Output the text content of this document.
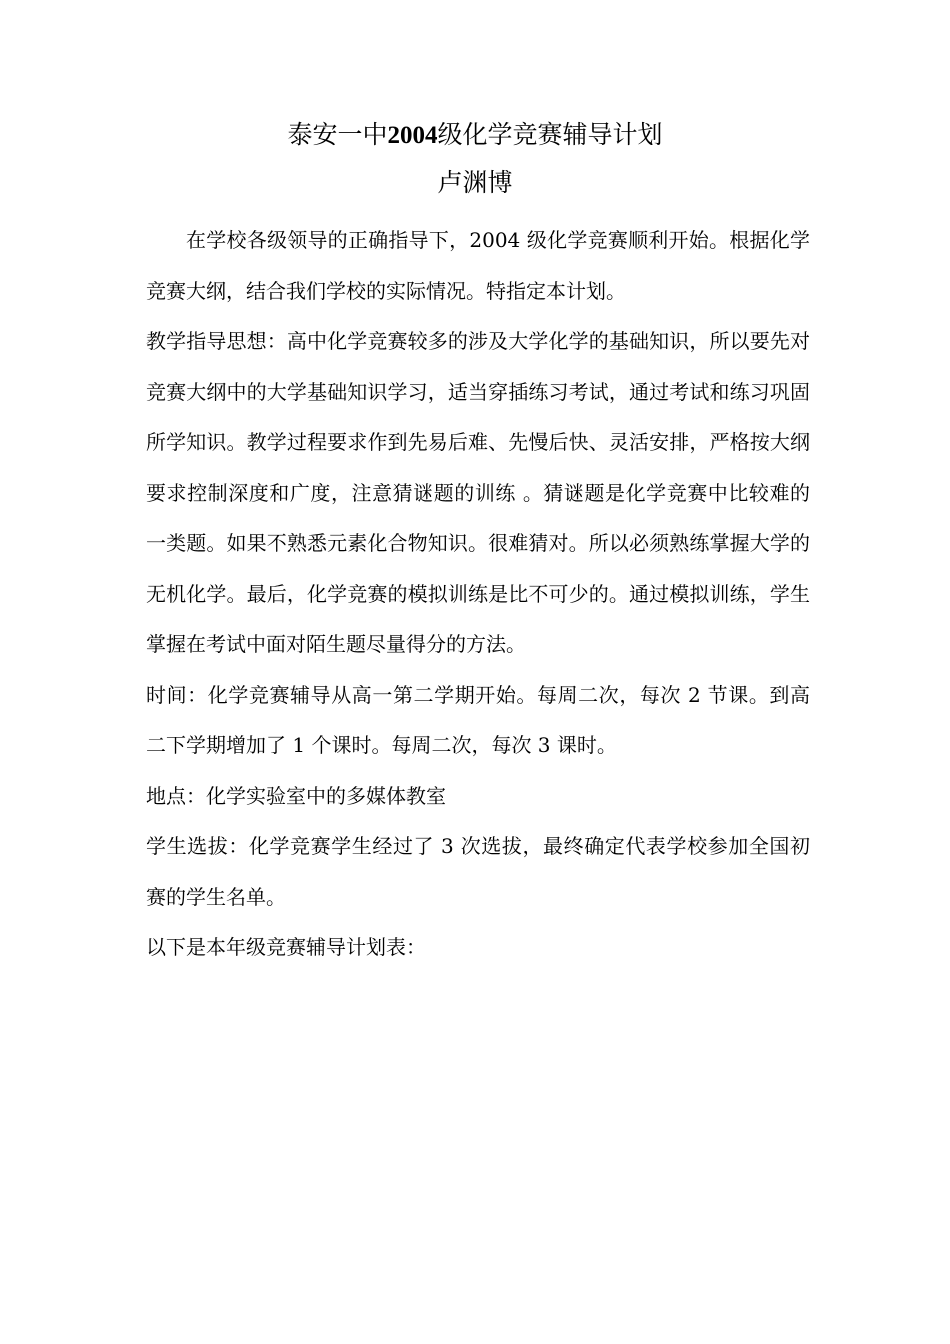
泰安一中2004级化学竞赛辅导计划
卢渊博

在学校各级领导的正确指导下，2004 级化学竞赛顺利开始。根据化学竞赛大纲，结合我们学校的实际情况。特指定本计划。

教学指导思想：高中化学竞赛较多的涉及大学化学的基础知识，所以要先对竞赛大纲中的大学基础知识学习，适当穿插练习考试，通过考试和练习巩固所学知识。教学过程要求作到先易后难、先慢后快、灵活安排，严格按大纲要求控制深度和广度，注意猜谜题的训练 。猜谜题是化学竞赛中比较难的一类题。如果不熟悉元素化合物知识。很难猜对。所以必须熟练掌握大学的无机化学。最后，化学竞赛的模拟训练是比不可少的。通过模拟训练，学生掌握在考试中面对陌生题尽量得分的方法。

时间：化学竞赛辅导从高一第二学期开始。每周二次，每次 2 节课。到高二下学期增加了 1 个课时。每周二次，每次 3 课时。

地点：化学实验室中的多媒体教室

学生选拔：化学竞赛学生经过了 3 次选拔，最终确定代表学校参加全国初赛的学生名单。

以下是本年级竞赛辅导计划表：
